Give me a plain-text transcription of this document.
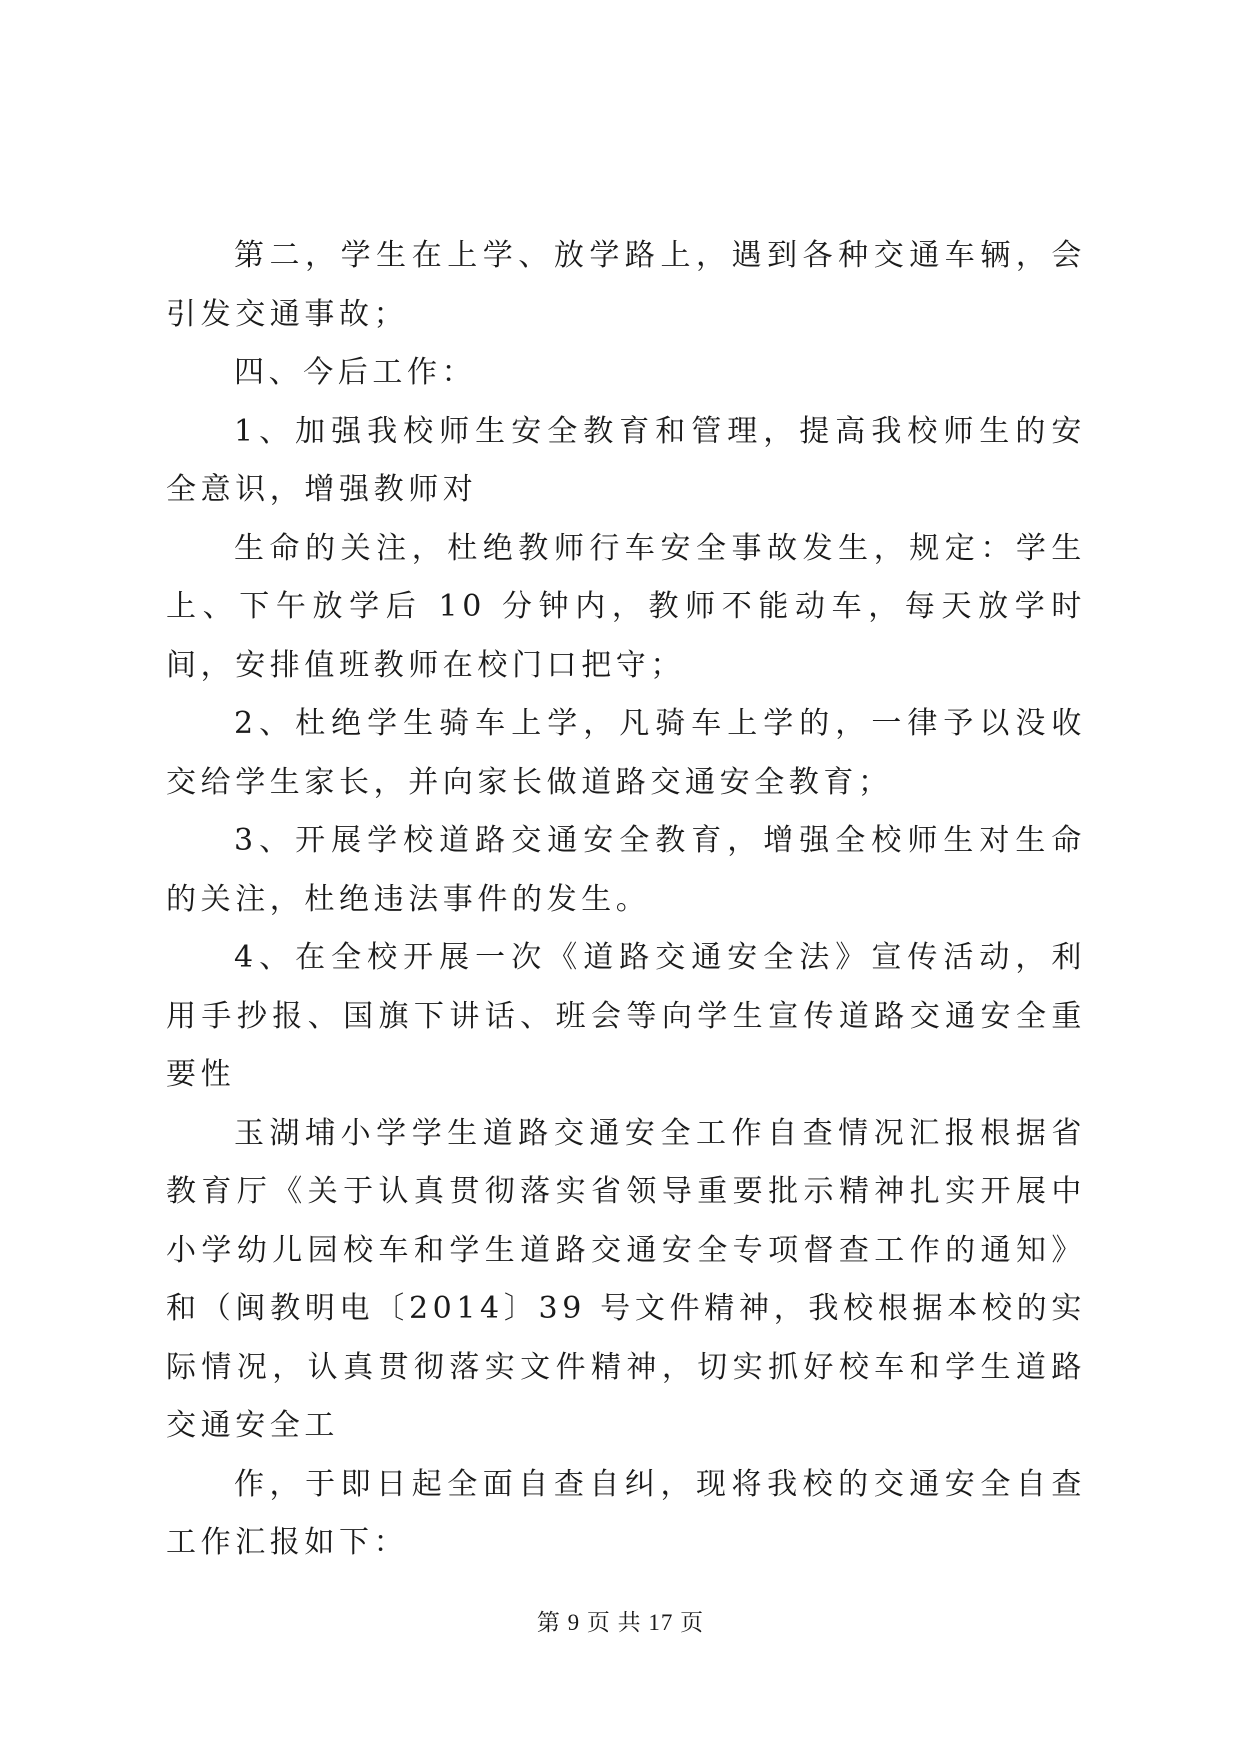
第二，学生在上学、放学路上，遇到各种交通车辆，会引发交通事故；

四、今后工作：

1、加强我校师生安全教育和管理，提高我校师生的安全意识，增强教师对

生命的关注，杜绝教师行车安全事故发生，规定：学生上、下午放学后 10 分钟内，教师不能动车，每天放学时间，安排值班教师在校门口把守；

2、杜绝学生骑车上学，凡骑车上学的，一律予以没收交给学生家长，并向家长做道路交通安全教育；

3、开展学校道路交通安全教育，增强全校师生对生命的关注，杜绝违法事件的发生。

4、在全校开展一次《道路交通安全法》宣传活动，利用手抄报、国旗下讲话、班会等向学生宣传道路交通安全重要性

玉湖埔小学学生道路交通安全工作自查情况汇报根据省教育厅《关于认真贯彻落实省领导重要批示精神扎实开展中小学幼儿园校车和学生道路交通安全专项督查工作的通知》和（闽教明电〔2014〕39 号文件精神，我校根据本校的实际情况，认真贯彻落实文件精神，切实抓好校车和学生道路交通安全工

作，于即日起全面自查自纠，现将我校的交通安全自查工作汇报如下：

第 9 页 共 17 页
